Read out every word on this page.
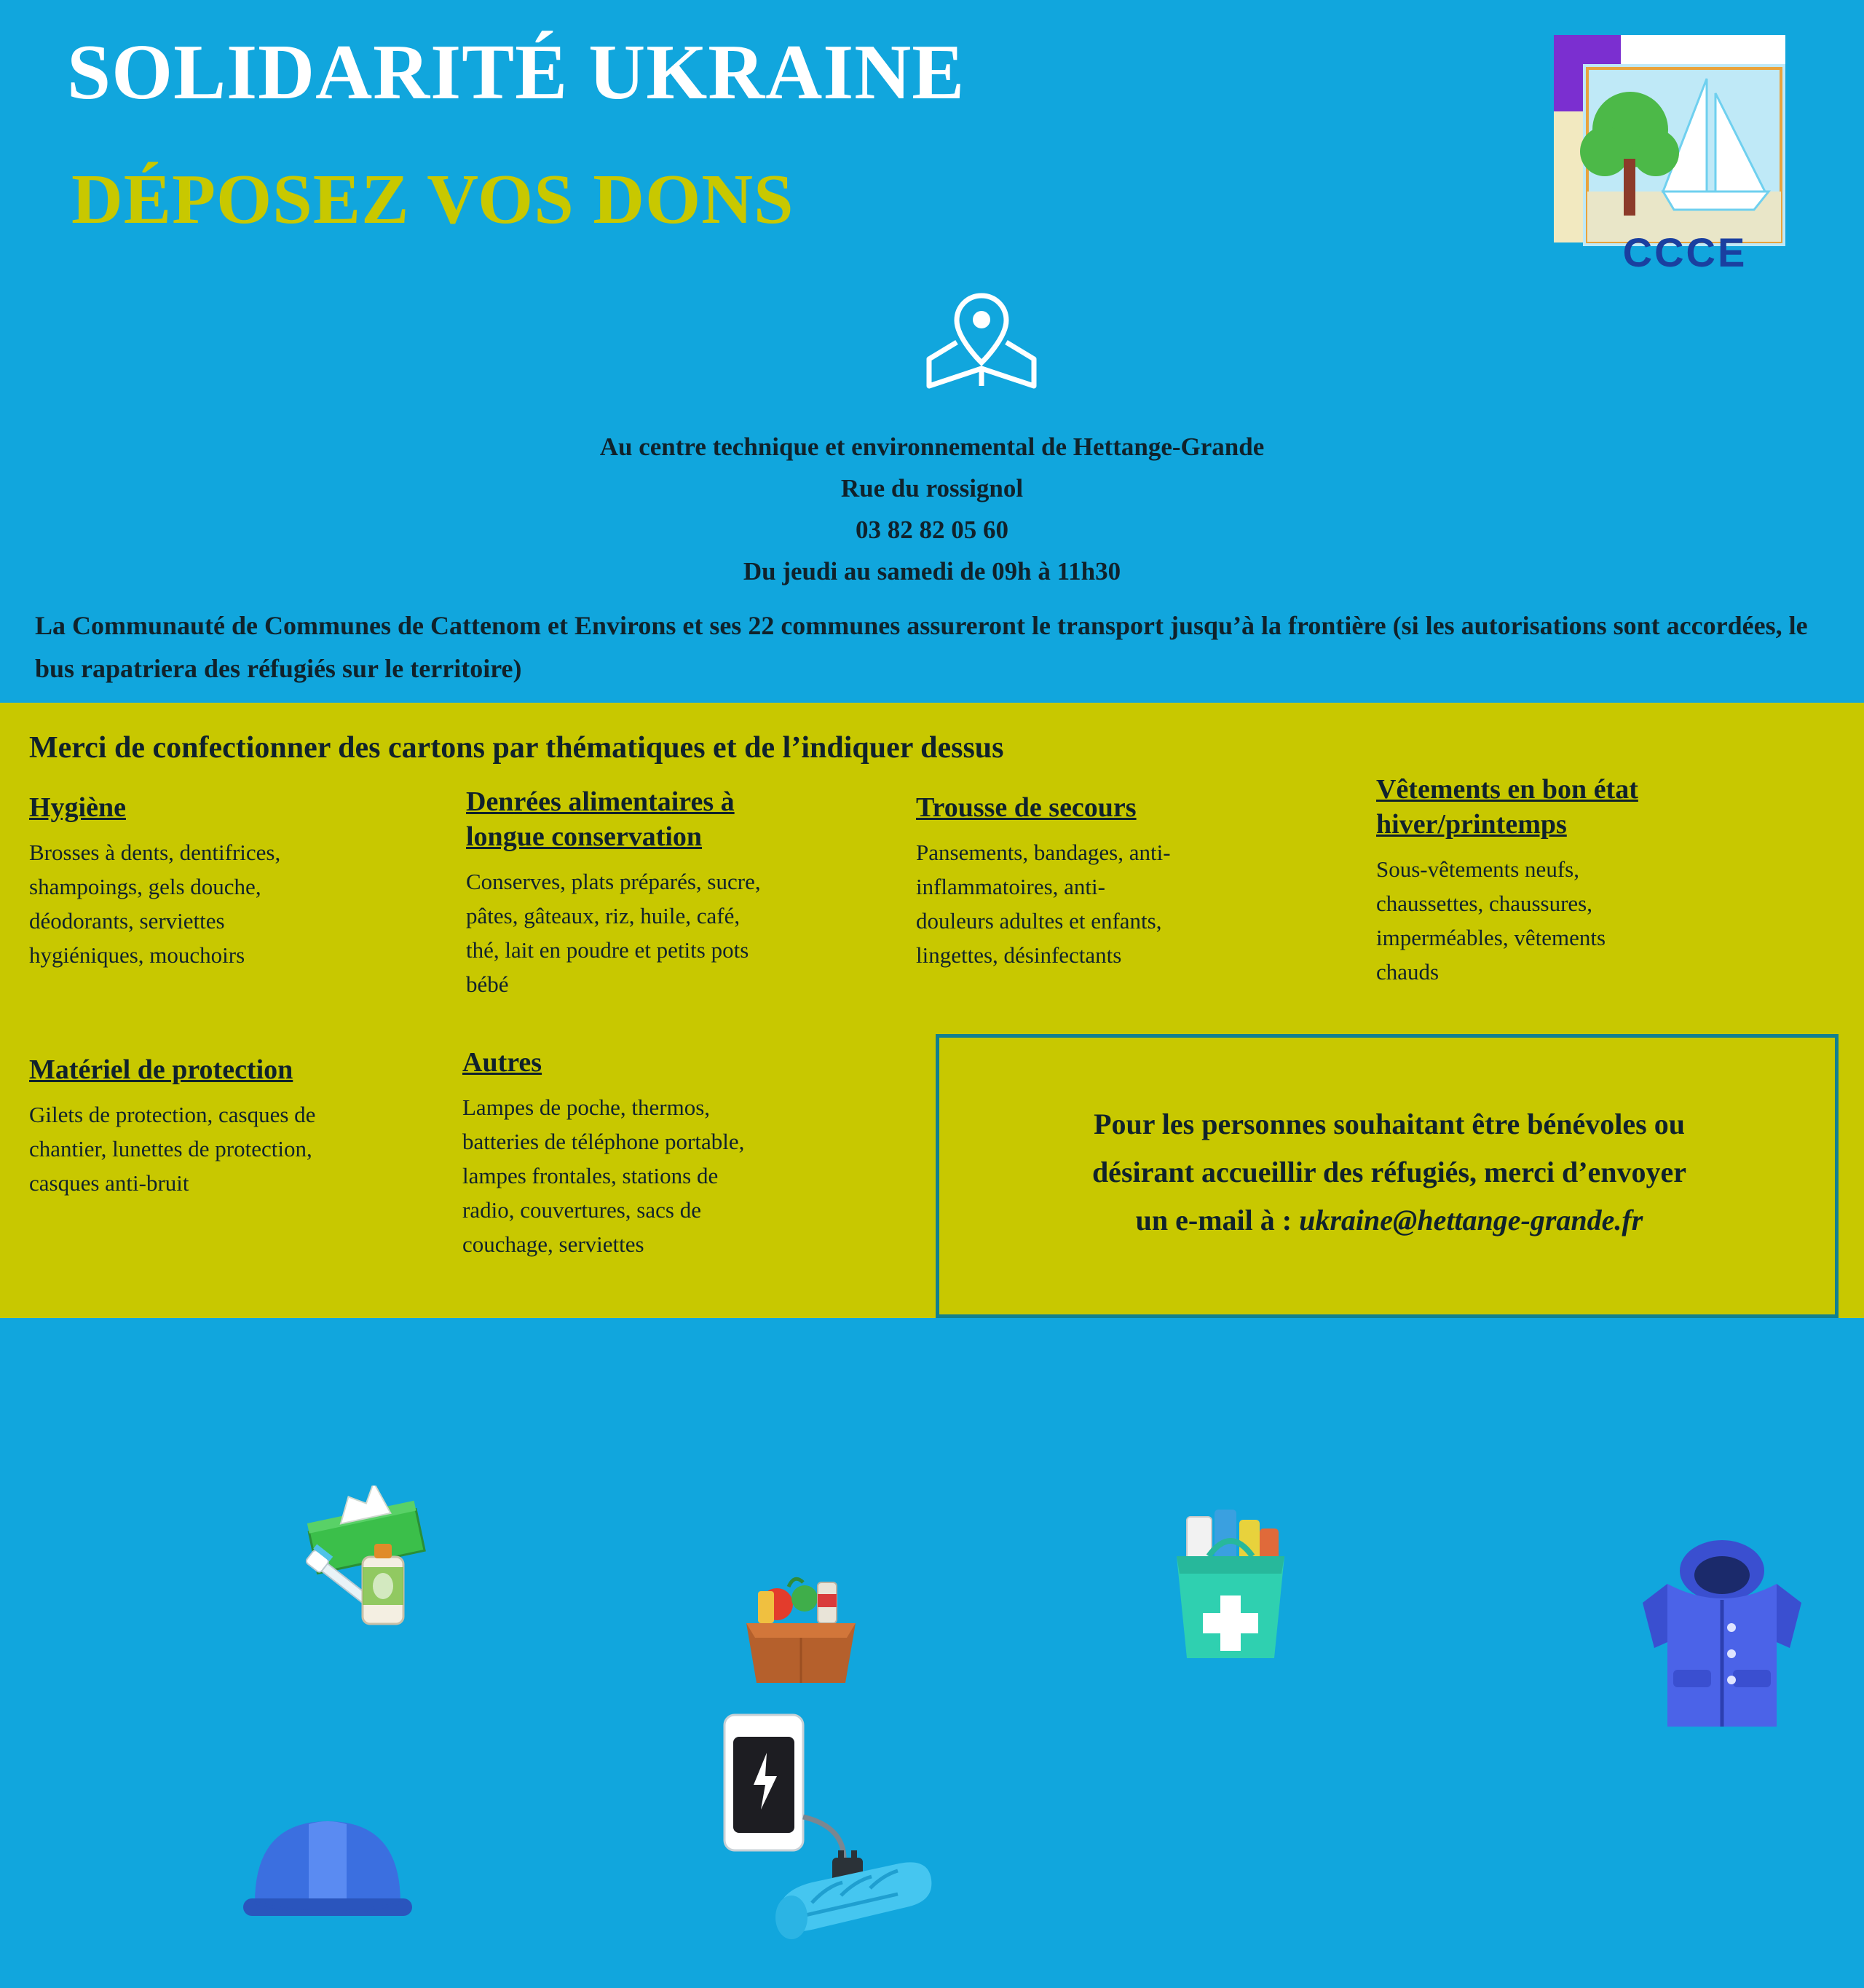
SOLIDARITÉ UKRAINE
DÉPOSEZ VOS DONS
CCCE
Au centre technique et environnemental de Hettange-Grande
Rue du rossignol
03 82 82 05 60
Du jeudi au samedi de 09h à 11h30
La Communauté de Communes de Cattenom et Environs et ses 22 communes assureront le transport jusqu’à la frontière (si les autorisations sont accordées, le bus rapatriera des réfugiés sur le territoire)
Merci de confectionner des cartons par thématiques et de l’indiquer dessus
Hygiène

Brosses à dents, dentifrices, shampoings, gels douche, déodorants, serviettes hygiéniques, mouchoirs

Denrées alimentaires à longue conservation

Conserves, plats préparés, sucre, pâtes, gâteaux, riz, huile, café, thé, lait en poudre et petits pots bébé

Trousse de secours

Pansements, bandages, anti-inflammatoires, anti-douleurs adultes et enfants, lingettes, désinfectants

Vêtements en bon état hiver/printemps

Sous-vêtements neufs, chaussettes, chaussures, imperméables, vêtements chauds

Matériel de protection

Gilets de protection, casques de chantier, lunettes de protection, casques anti-bruit

Autres

Lampes de poche, thermos, batteries de téléphone portable, lampes frontales, stations de radio, couvertures, sacs de couchage, serviettes

Pour les personnes souhaitant être bénévoles ou
désirant accueillir des réfugiés, merci d’envoyer
un e-mail à : ukraine@hettange-grande.fr
